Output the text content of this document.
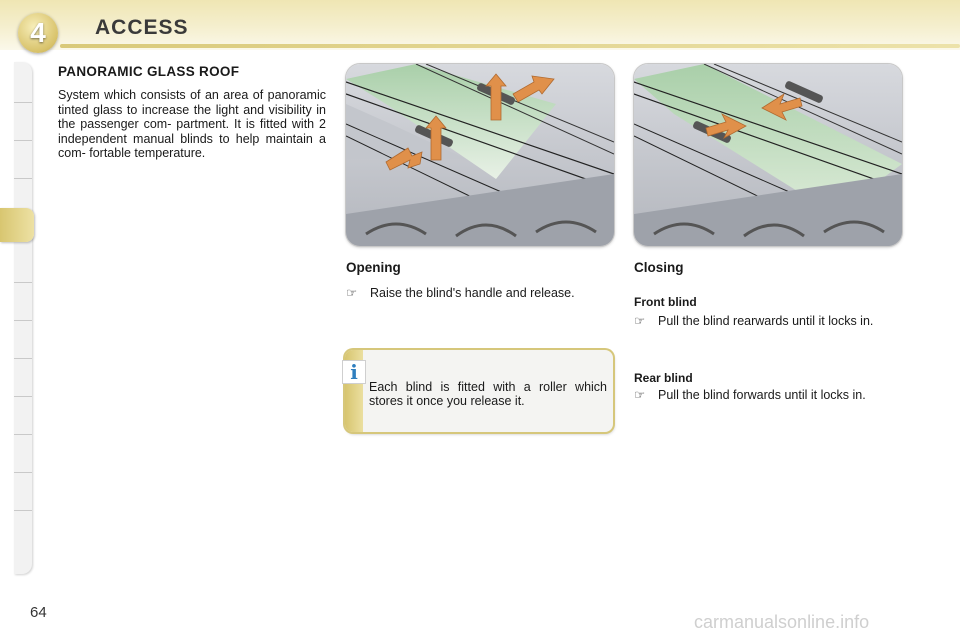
4 ACCESS
PANORAMIC GLASS ROOF
System which consists of an area of panoramic tinted glass to increase the light and visibility in the passenger com- partment. It is fitted with 2 independent manual blinds to help maintain a com- fortable temperature.
Opening
☞	Raise the blind's handle and release.
i
Each blind is fitted with a roller which stores it once you release it.
Closing
Front blind
☞	Pull the blind rearwards until it locks in.
Rear blind
☞	Pull the blind forwards until it locks in.
64	carmanualsonline.info
